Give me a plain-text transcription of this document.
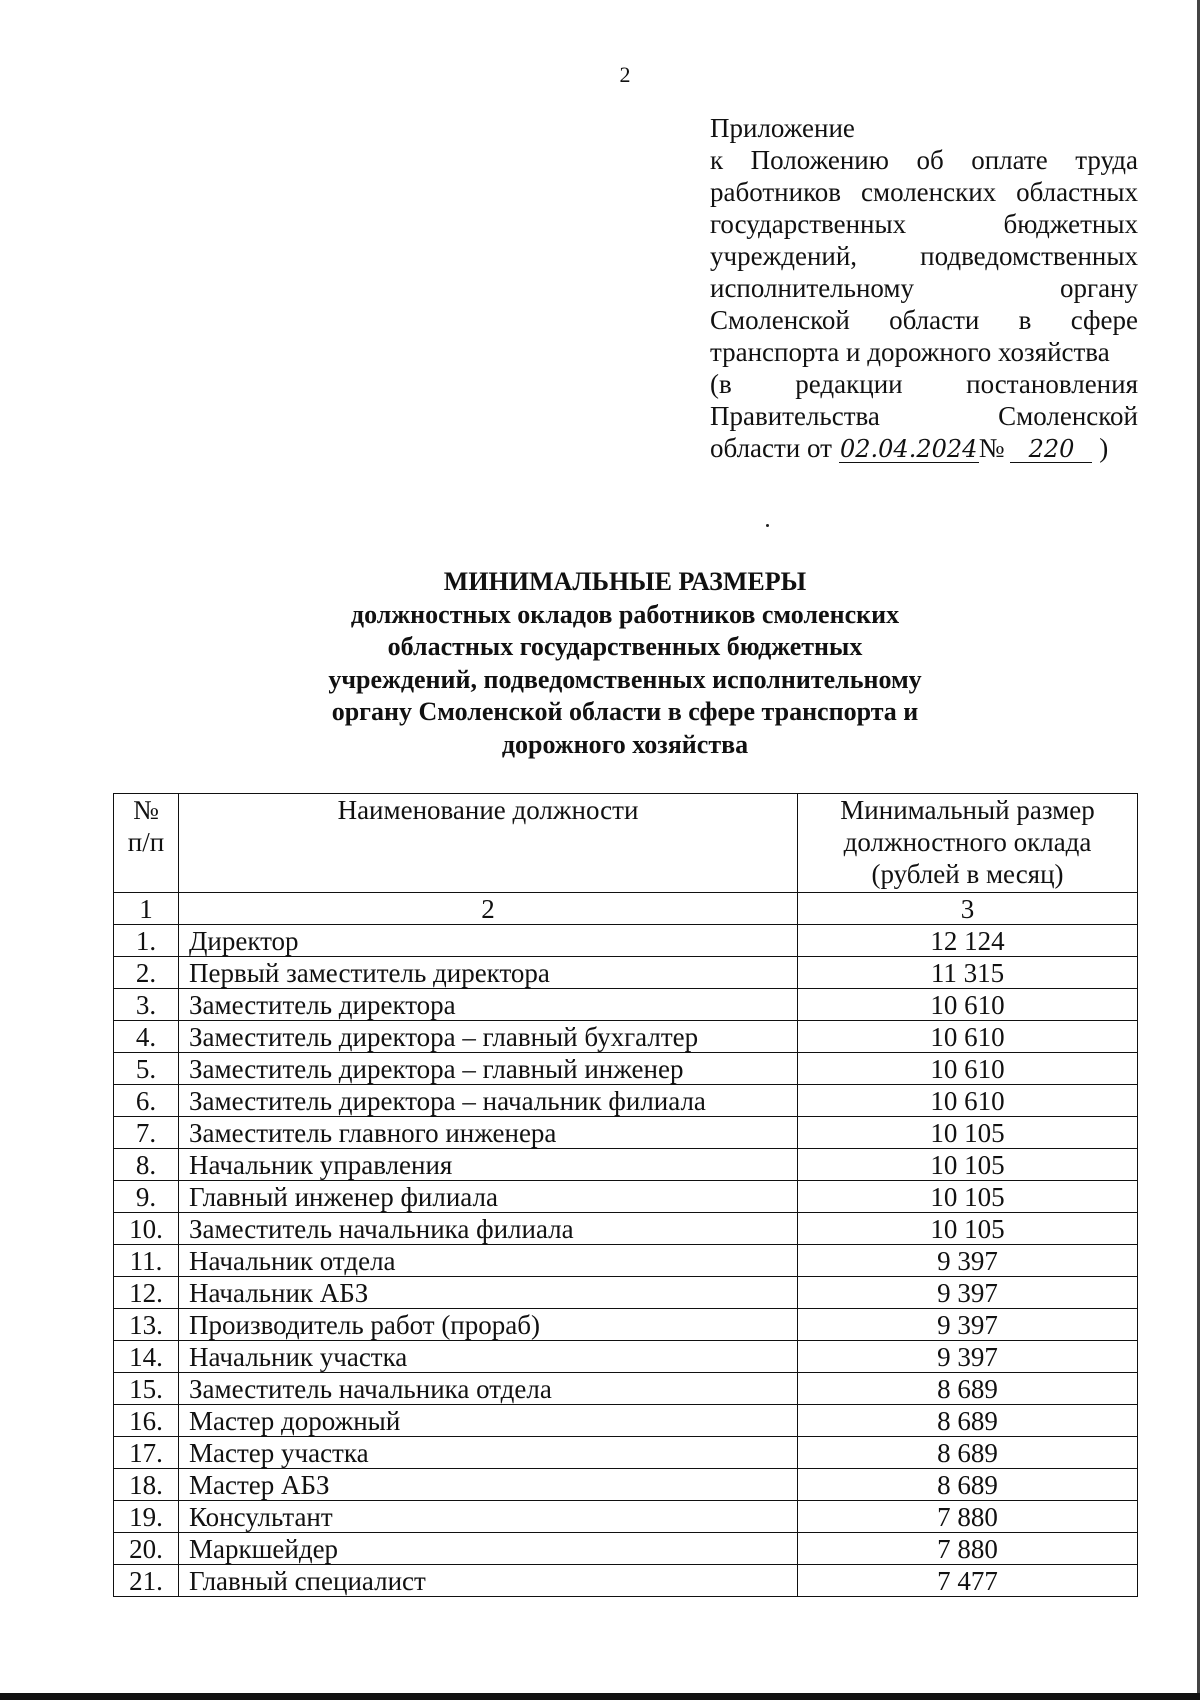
2
Приложение
к Положению об оплате труда
работников смоленских областных
государственных бюджетных
учреждений, подведомственных
исполнительному органу
Смоленской области в сфере
транспорта и дорожного хозяйства
(в редакции постановления
Правительства Смоленской
области от 02.04.2024№ 220 )
МИНИМАЛЬНЫЕ РАЗМЕРЫ
должностных окладов работников смоленских
областных государственных бюджетных
учреждений, подведомственных исполнительному
органу Смоленской области в сфере транспорта и
дорожного хозяйства
№ п/п	Наименование должности	Минимальный размер должностного оклада (рублей в месяц)
1	2	3
1.	Директор	12 124
2.	Первый заместитель директора	11 315
3.	Заместитель директора	10 610
4.	Заместитель директора – главный бухгалтер	10 610
5.	Заместитель директора – главный инженер	10 610
6.	Заместитель директора – начальник филиала	10 610
7.	Заместитель главного инженера	10 105
8.	Начальник управления	10 105
9.	Главный инженер филиала	10 105
10.	Заместитель начальника филиала	10 105
11.	Начальник отдела	9 397
12.	Начальник АБЗ	9 397
13.	Производитель работ (прораб)	9 397
14.	Начальник участка	9 397
15.	Заместитель начальника отдела	8 689
16.	Мастер дорожный	8 689
17.	Мастер участка	8 689
18.	Мастер АБЗ	8 689
19.	Консультант	7 880
20.	Маркшейдер	7 880
21.	Главный специалист	7 477
